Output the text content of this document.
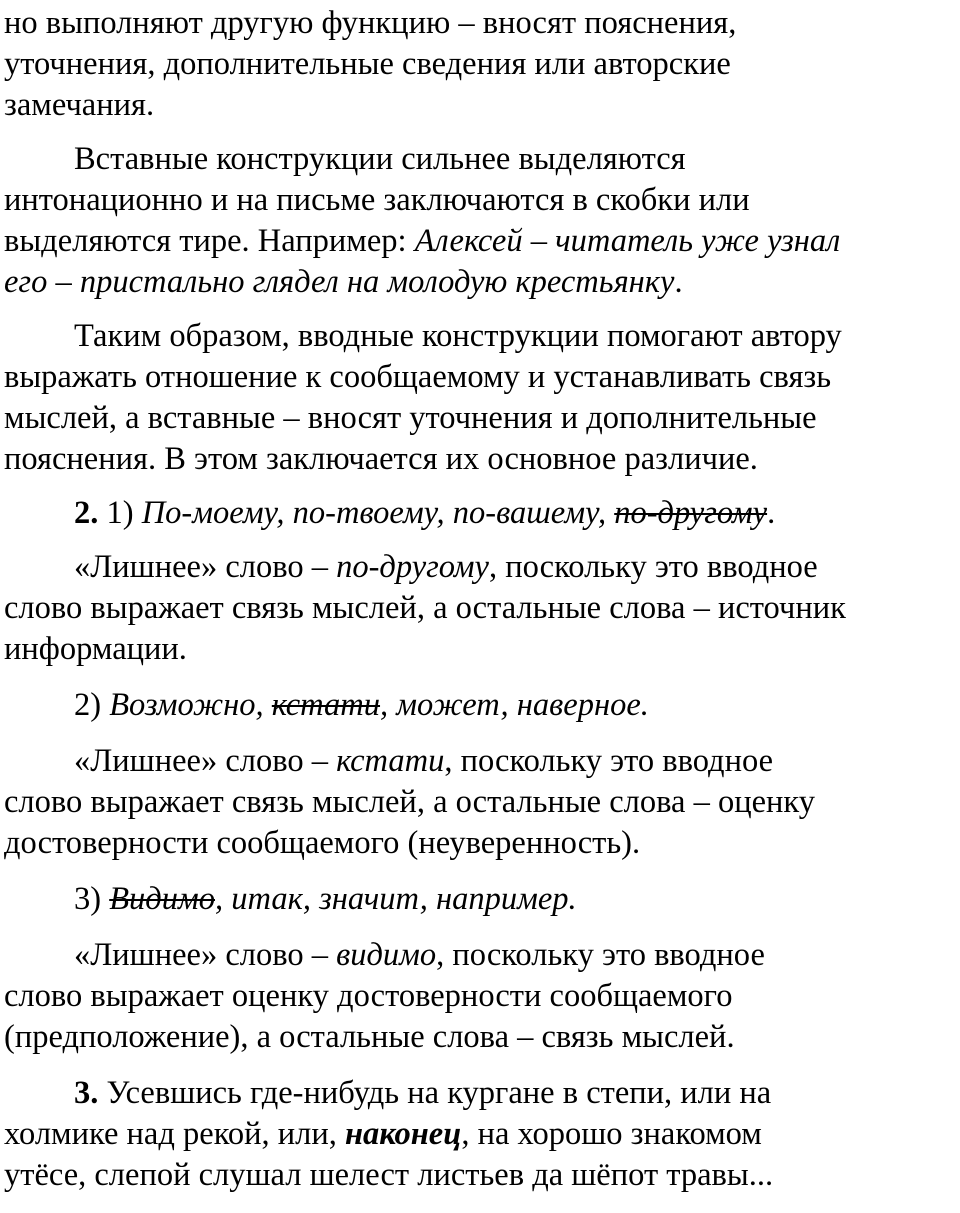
но выполняют другую функцию – вносят пояснения,

уточнения, дополнительные сведения или авторские

замечания.

Вставные конструкции сильнее выделяются

интонационно и на письме заключаются в скобки или

выделяются тире. Например: Алексей – читатель уже узнал

его – пристально глядел на молодую крестьянку.

Таким образом, вводные конструкции помогают автору

выражать отношение к сообщаемому и устанавливать связь

мыслей, а вставные – вносят уточнения и дополнительные

пояснения. В этом заключается их основное различие.

2. 1) По-моему, по-твоему, по-вашему, по-другому.

«Лишнее» слово – по-другому, поскольку это вводное

слово выражает связь мыслей, а остальные слова – источник

информации.

2) Возможно, кстати, может, наверное.

«Лишнее» слово – кстати, поскольку это вводное

слово выражает связь мыслей, а остальные слова – оценку

достоверности сообщаемого (неуверенность).

3) Видимо, итак, значит, например.

«Лишнее» слово – видимо, поскольку это вводное

слово выражает оценку достоверности сообщаемого

(предположение), а остальные слова – связь мыслей.

3. Усевшись где-нибудь на кургане в степи, или на

холмике над рекой, или, наконец, на хорошо знакомом

утёсе, слепой слушал шелест листьев да шёпот травы...
